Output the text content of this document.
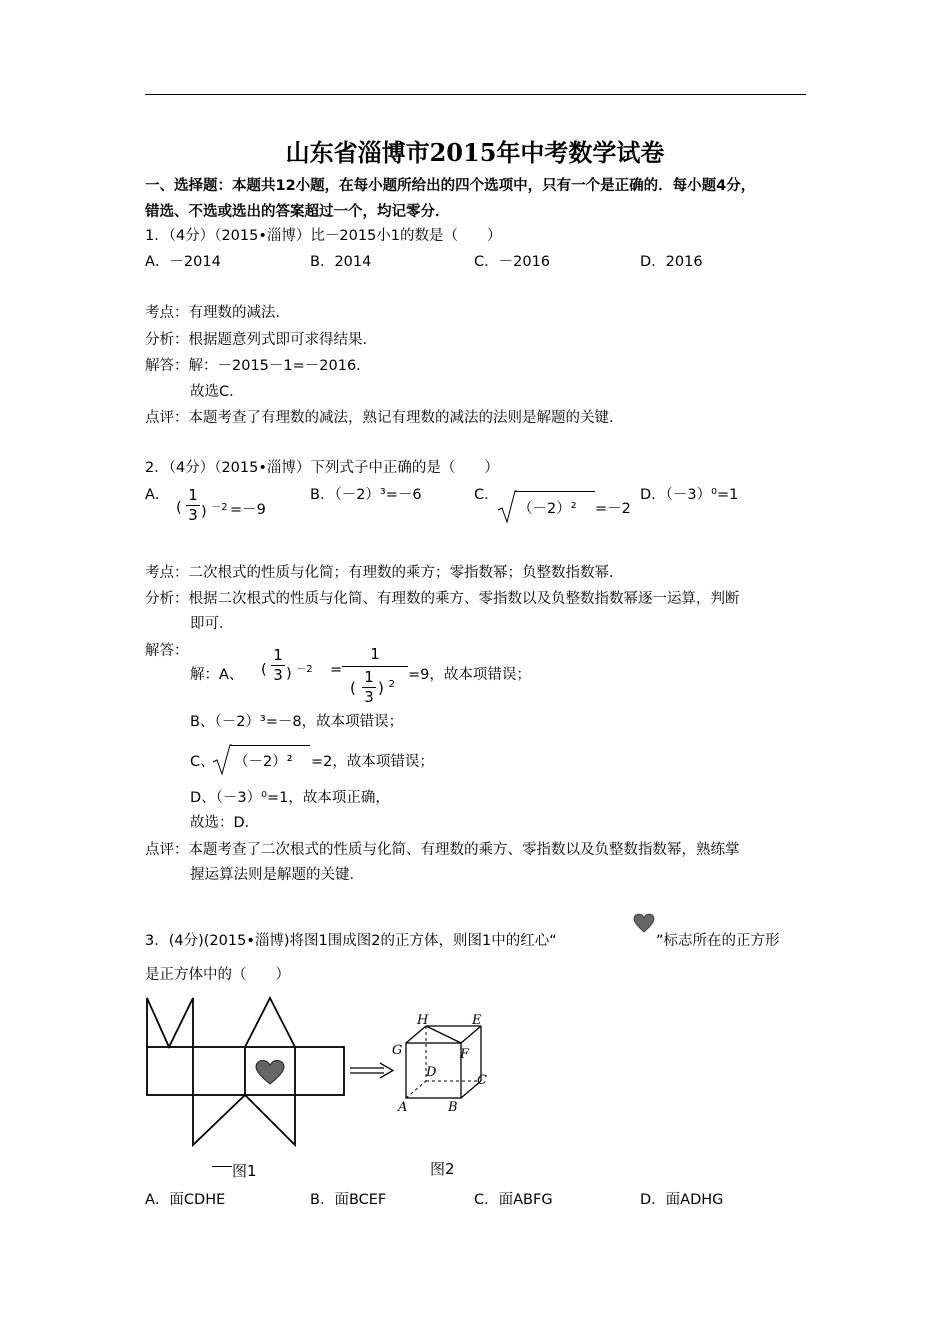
山东省淄博市2015年中考数学试卷
一、选择题：本题共12小题，在每小题所给出的四个选项中，只有一个是正确的．每小题4分，
错选、不选或选出的答案超过一个，均记零分．
1．（4分）（2015•淄博）比－2015小1的数是（　　）
A．－2014	B．2014	C．－2016	D．2016
考点：有理数的减法．
分析：根据题意列式即可求得结果．
解答：解：－2015－1=－2016．
故选C．
点评：本题考查了有理数的减法，熟记有理数的减法的法则是解题的关键．
2．（4分）（2015•淄博）下列式子中正确的是（　　）
A．
(
1
3 ) $^{-2}$ =－9
B．（－2）³=－6	C．
（－2）² =－2
D．（－3）⁰=1
考点：二次根式的性质与化简；有理数的乘方；零指数幂；负整数指数幂．
分析：根据二次根式的性质与化简、有理数的乘方、零指数以及负整数指数幂逐一运算，判断
即可．
解答：
解：A、 (
1
3 ) $^{-2}$ =
1
(
1
3 ) $^2$
=9，故本项错误；
B、（－2）³=－8，故本项错误；
C、 （－2）² =2，故本项错误；
D、（－3）⁰=1，故本项正确，
故选：D．
点评：本题考查了二次根式的性质与化简、有理数的乘方、零指数以及负整数指数幂，熟练掌
握运算法则是解题的关键．
3．(4分)(2015•淄博)将图1围成图2的正方体，则图1中的红心“	”标志所在的正方形
是正方体中的（　　）
图1
H	E
G	F
D
C
A	B
图2
A．面CDHE	B．面BCEF	C．面ABFG	D．面ADHG
